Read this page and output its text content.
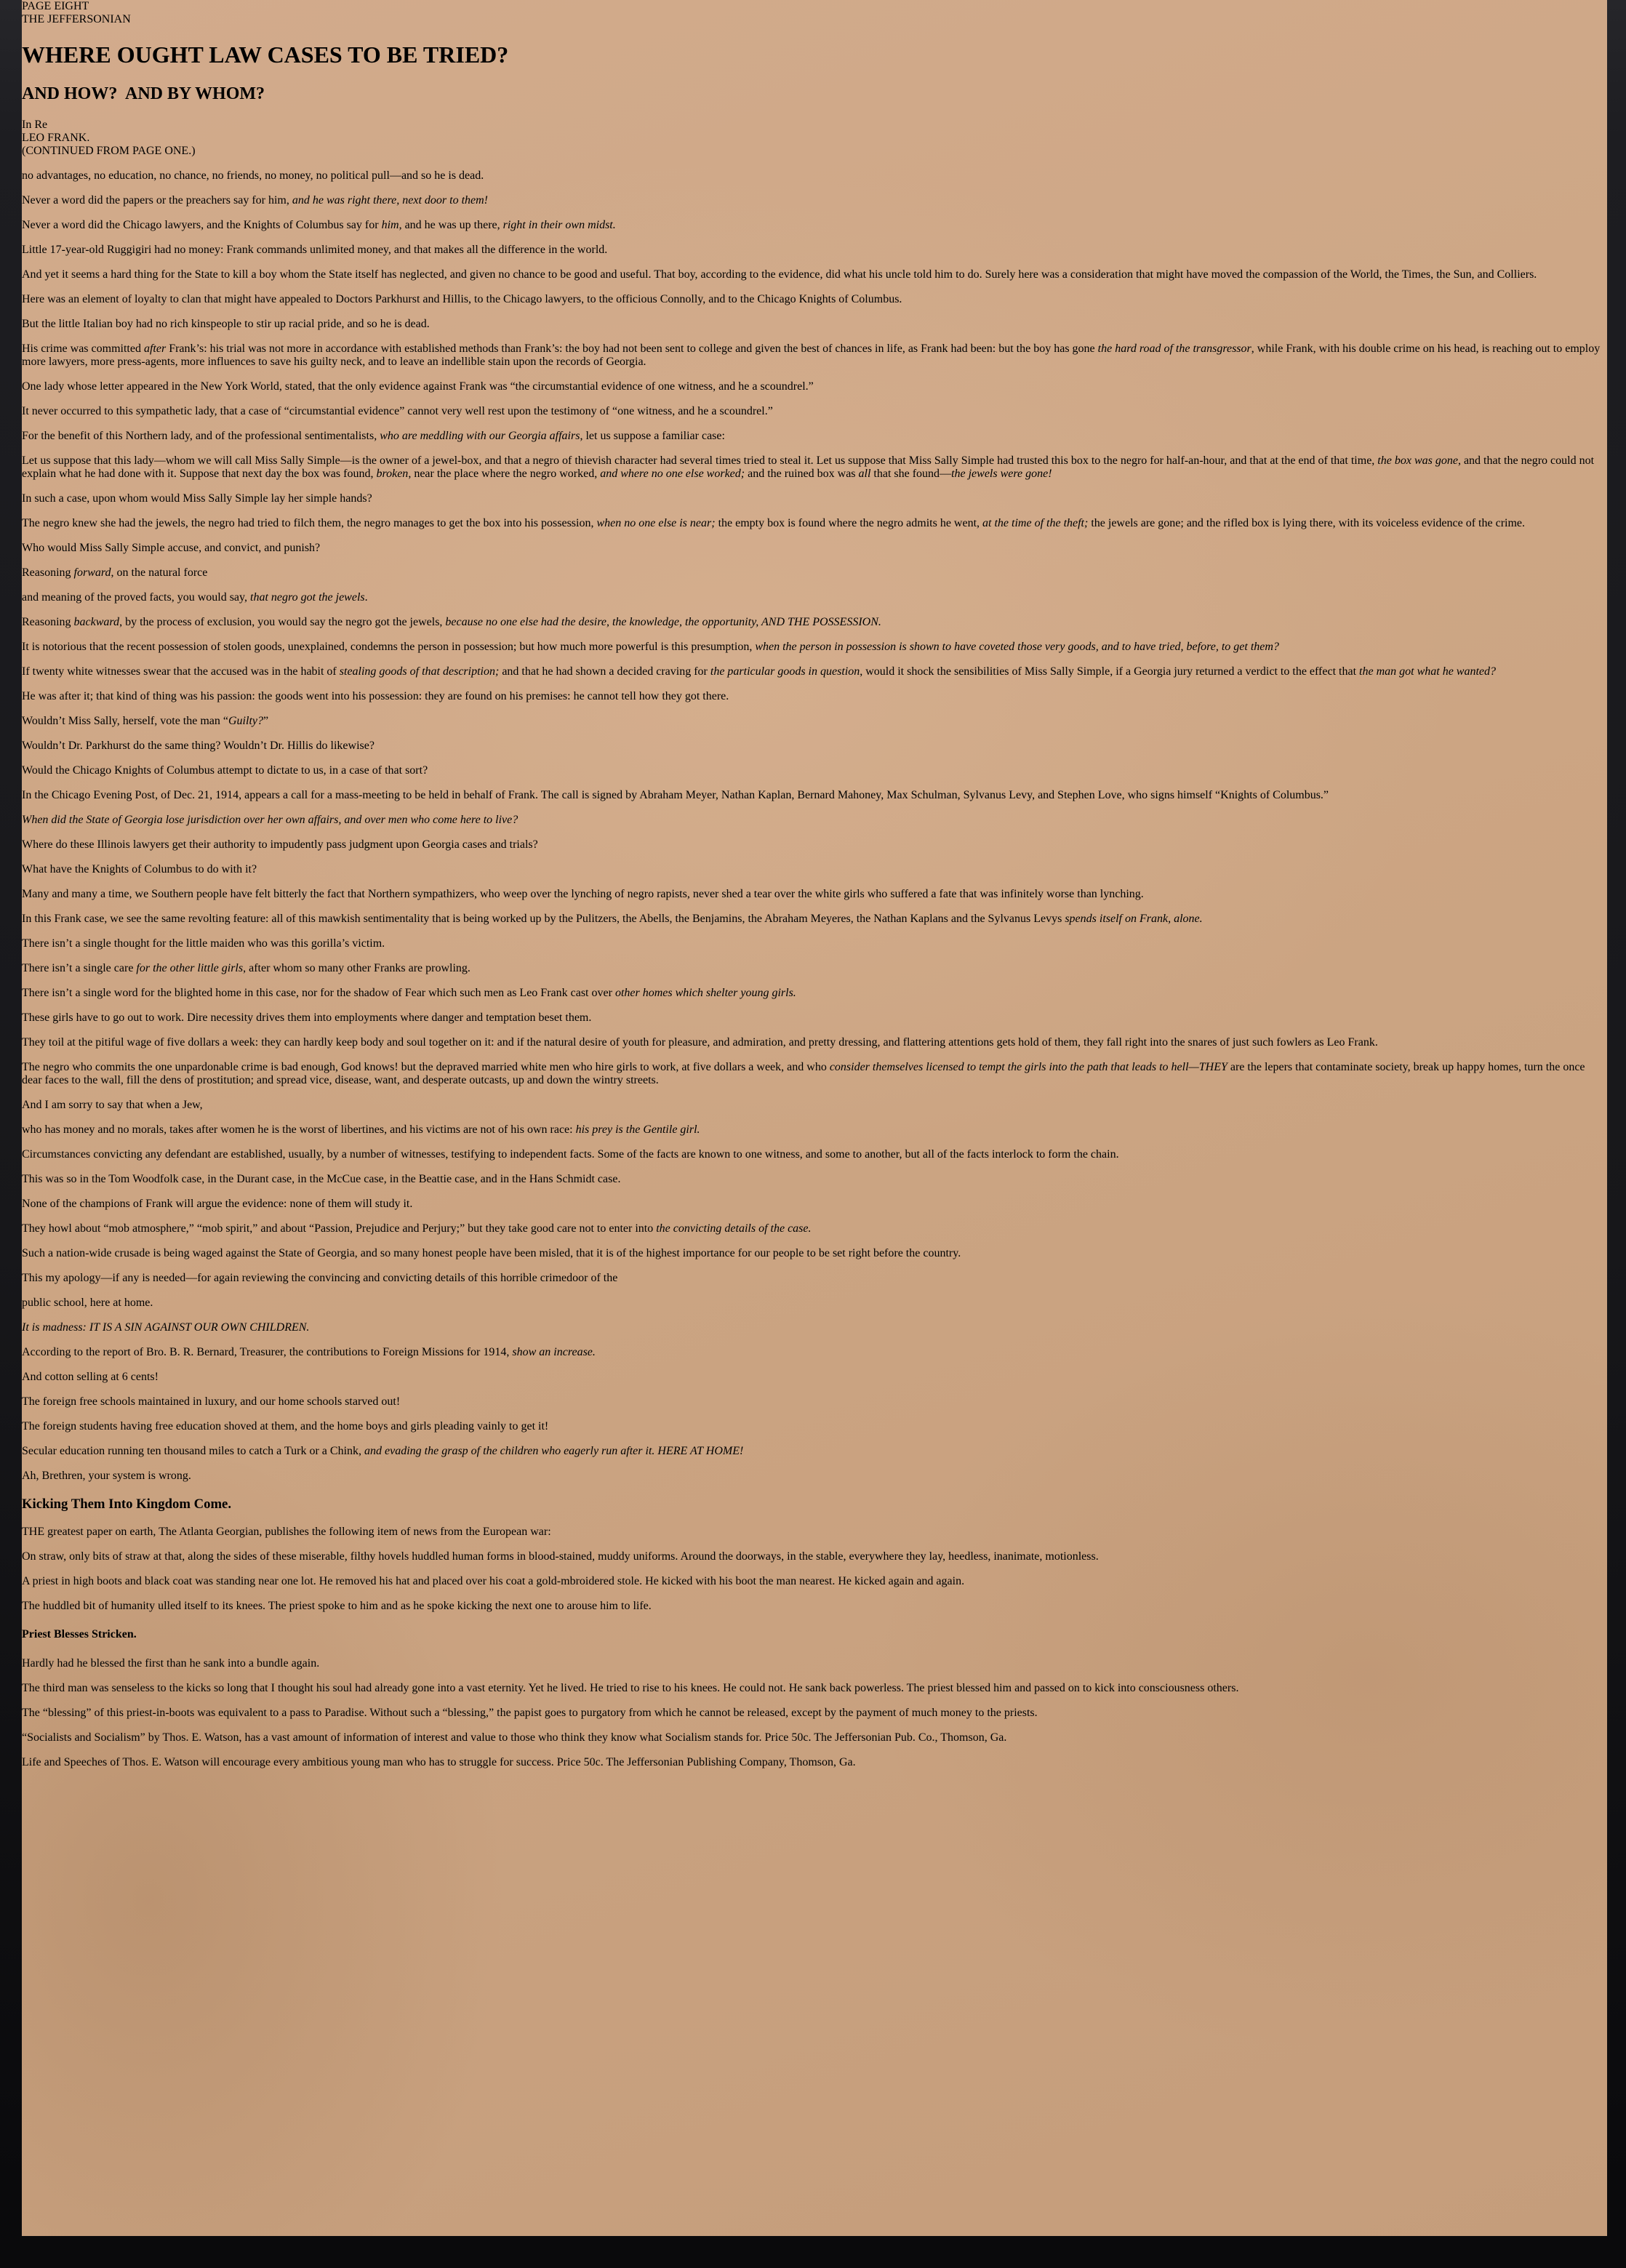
PAGE EIGHT
THE JEFFERSONIAN
WHERE OUGHT LAW CASES TO BE TRIED?
AND HOW?  AND BY WHOM?
In Re
LEO FRANK.
(CONTINUED FROM PAGE ONE.)

no advantages, no education, no chance, no friends, no money, no political pull—and so he is dead.

Never a word did the papers or the preachers say for him, and he was right there, next door to them!

Never a word did the Chicago lawyers, and the Knights of Columbus say for him, and he was up there, right in their own midst.

Little 17-year-old Ruggigiri had no money: Frank commands unlimited money, and that makes all the difference in the world.

And yet it seems a hard thing for the State to kill a boy whom the State itself has neglected, and given no chance to be good and useful. That boy, according to the evidence, did what his uncle told him to do. Surely here was a consideration that might have moved the compassion of the World, the Times, the Sun, and Colliers.

Here was an element of loyalty to clan that might have appealed to Doctors Parkhurst and Hillis, to the Chicago lawyers, to the officious Connolly, and to the Chicago Knights of Columbus.

But the little Italian boy had no rich kinspeople to stir up racial pride, and so he is dead.

His crime was committed after Frank’s: his trial was not more in accordance with established methods than Frank’s: the boy had not been sent to college and given the best of chances in life, as Frank had been: but the boy has gone the hard road of the transgressor, while Frank, with his double crime on his head, is reaching out to employ more lawyers, more press-agents, more influences to save his guilty neck, and to leave an indellible stain upon the records of Georgia.

One lady whose letter appeared in the New York World, stated, that the only evidence against Frank was “the circumstantial evidence of one witness, and he a scoundrel.”

It never occurred to this sympathetic lady, that a case of “circumstantial evidence” cannot very well rest upon the testimony of “one witness, and he a scoundrel.”

For the benefit of this Northern lady, and of the professional sentimentalists, who are meddling with our Georgia affairs, let us suppose a familiar case:

Let us suppose that this lady—whom we will call Miss Sally Simple—is the owner of a jewel-box, and that a negro of thievish character had several times tried to steal it. Let us suppose that Miss Sally Simple had trusted this box to the negro for half-an-hour, and that at the end of that time, the box was gone, and that the negro could not explain what he had done with it. Suppose that next day the box was found, broken, near the place where the negro worked, and where no one else worked; and the ruined box was all that she found—the jewels were gone!

In such a case, upon whom would Miss Sally Simple lay her simple hands?

The negro knew she had the jewels, the negro had tried to filch them, the negro manages to get the box into his possession, when no one else is near; the empty box is found where the negro admits he went, at the time of the theft; the jewels are gone; and the rifled box is lying there, with its voiceless evidence of the crime.

Who would Miss Sally Simple accuse, and convict, and punish?

Reasoning forward, on the natural force

and meaning of the proved facts, you would say, that negro got the jewels.

Reasoning backward, by the process of exclusion, you would say the negro got the jewels, because no one else had the desire, the knowledge, the opportunity, AND THE POSSESSION.

It is notorious that the recent possession of stolen goods, unexplained, condemns the person in possession; but how much more powerful is this presumption, when the person in possession is shown to have coveted those very goods, and to have tried, before, to get them?

If twenty white witnesses swear that the accused was in the habit of stealing goods of that description; and that he had shown a decided craving for the particular goods in question, would it shock the sensibilities of Miss Sally Simple, if a Georgia jury returned a verdict to the effect that the man got what he wanted?

He was after it; that kind of thing was his passion: the goods went into his possession: they are found on his premises: he cannot tell how they got there.

Wouldn’t Miss Sally, herself, vote the man “Guilty?”

Wouldn’t Dr. Parkhurst do the same thing? Wouldn’t Dr. Hillis do likewise?

Would the Chicago Knights of Columbus attempt to dictate to us, in a case of that sort?

In the Chicago Evening Post, of Dec. 21, 1914, appears a call for a mass-meeting to be held in behalf of Frank. The call is signed by Abraham Meyer, Nathan Kaplan, Bernard Mahoney, Max Schulman, Sylvanus Levy, and Stephen Love, who signs himself “Knights of Columbus.”

When did the State of Georgia lose jurisdiction over her own affairs, and over men who come here to live?

Where do these Illinois lawyers get their authority to impudently pass judgment upon Georgia cases and trials?

What have the Knights of Columbus to do with it?

Many and many a time, we Southern people have felt bitterly the fact that Northern sympathizers, who weep over the lynching of negro rapists, never shed a tear over the white girls who suffered a fate that was infinitely worse than lynching.

In this Frank case, we see the same revolting feature: all of this mawkish sentimentality that is being worked up by the Pulitzers, the Abells, the Benjamins, the Abraham Meyeres, the Nathan Kaplans and the Sylvanus Levys spends itself on Frank, alone.

There isn’t a single thought for the little maiden who was this gorilla’s victim.

There isn’t a single care for the other little girls, after whom so many other Franks are prowling.

There isn’t a single word for the blighted home in this case, nor for the shadow of Fear which such men as Leo Frank cast over other homes which shelter young girls.

These girls have to go out to work. Dire necessity drives them into employments where danger and temptation beset them.

They toil at the pitiful wage of five dollars a week: they can hardly keep body and soul together on it: and if the natural desire of youth for pleasure, and admiration, and pretty dressing, and flattering attentions gets hold of them, they fall right into the snares of just such fowlers as Leo Frank.

The negro who commits the one unpardonable crime is bad enough, God knows! but the depraved married white men who hire girls to work, at five dollars a week, and who consider themselves licensed to tempt the girls into the path that leads to hell—THEY are the lepers that contaminate society, break up happy homes, turn the once dear faces to the wall, fill the dens of prostitution; and spread vice, disease, want, and desperate outcasts, up and down the wintry streets.

And I am sorry to say that when a Jew,

who has money and no morals, takes after women he is the worst of libertines, and his victims are not of his own race: his prey is the Gentile girl.

Circumstances convicting any defendant are established, usually, by a number of witnesses, testifying to independent facts. Some of the facts are known to one witness, and some to another, but all of the facts interlock to form the chain.

This was so in the Tom Woodfolk case, in the Durant case, in the McCue case, in the Beattie case, and in the Hans Schmidt case.

None of the champions of Frank will argue the evidence: none of them will study it.

They howl about “mob atmosphere,” “mob spirit,” and about “Passion, Prejudice and Perjury;” but they take good care not to enter into the convicting details of the case.

Such a nation-wide crusade is being waged against the State of Georgia, and so many honest people have been misled, that it is of the highest importance for our people to be set right before the country.

This my apology—if any is needed—for again reviewing the convincing and convicting details of this horrible crimedoor of the

public school, here at home.

It is madness: IT IS A SIN AGAINST OUR OWN CHILDREN.

According to the report of Bro. B. R. Bernard, Treasurer, the contributions to Foreign Missions for 1914, show an increase.

And cotton selling at 6 cents!

The foreign free schools maintained in luxury, and our home schools starved out!

The foreign students having free education shoved at them, and the home boys and girls pleading vainly to get it!

Secular education running ten thousand miles to catch a Turk or a Chink, and evading the grasp of the children who eagerly run after it. HERE AT HOME!

Ah, Brethren, your system is wrong.

Kicking Them Into Kingdom Come.

THE greatest paper on earth, The Atlanta Georgian, publishes the following item of news from the European war:

On straw, only bits of straw at that, along the sides of these miserable, filthy hovels huddled human forms in blood-stained, muddy uniforms. Around the doorways, in the stable, everywhere they lay, heedless, inanimate, motionless.

A priest in high boots and black coat was standing near one lot. He removed his hat and placed over his coat a gold-mbroidered stole. He kicked with his boot the man nearest. He kicked again and again.

The huddled bit of humanity ulled itself to its knees. The priest spoke to him and as he spoke kicking the next one to arouse him to life.

Priest Blesses Stricken.

Hardly had he blessed the first than he sank into a bundle again.

The third man was senseless to the kicks so long that I thought his soul had already gone into a vast eternity. Yet he lived. He tried to rise to his knees. He could not. He sank back powerless. The priest blessed him and passed on to kick into consciousness others.

The “blessing” of this priest-in-boots was equivalent to a pass to Paradise. Without such a “blessing,” the papist goes to purgatory from which he cannot be released, except by the payment of much money to the priests.

“Socialists and Socialism” by Thos. E. Watson, has a vast amount of information of interest and value to those who think they know what Socialism stands for. Price 50c. The Jeffersonian Pub. Co., Thomson, Ga.

Life and Speeches of Thos. E. Watson will encourage every ambitious young man who has to struggle for success. Price 50c. The Jeffersonian Publishing Company, Thomson, Ga.
